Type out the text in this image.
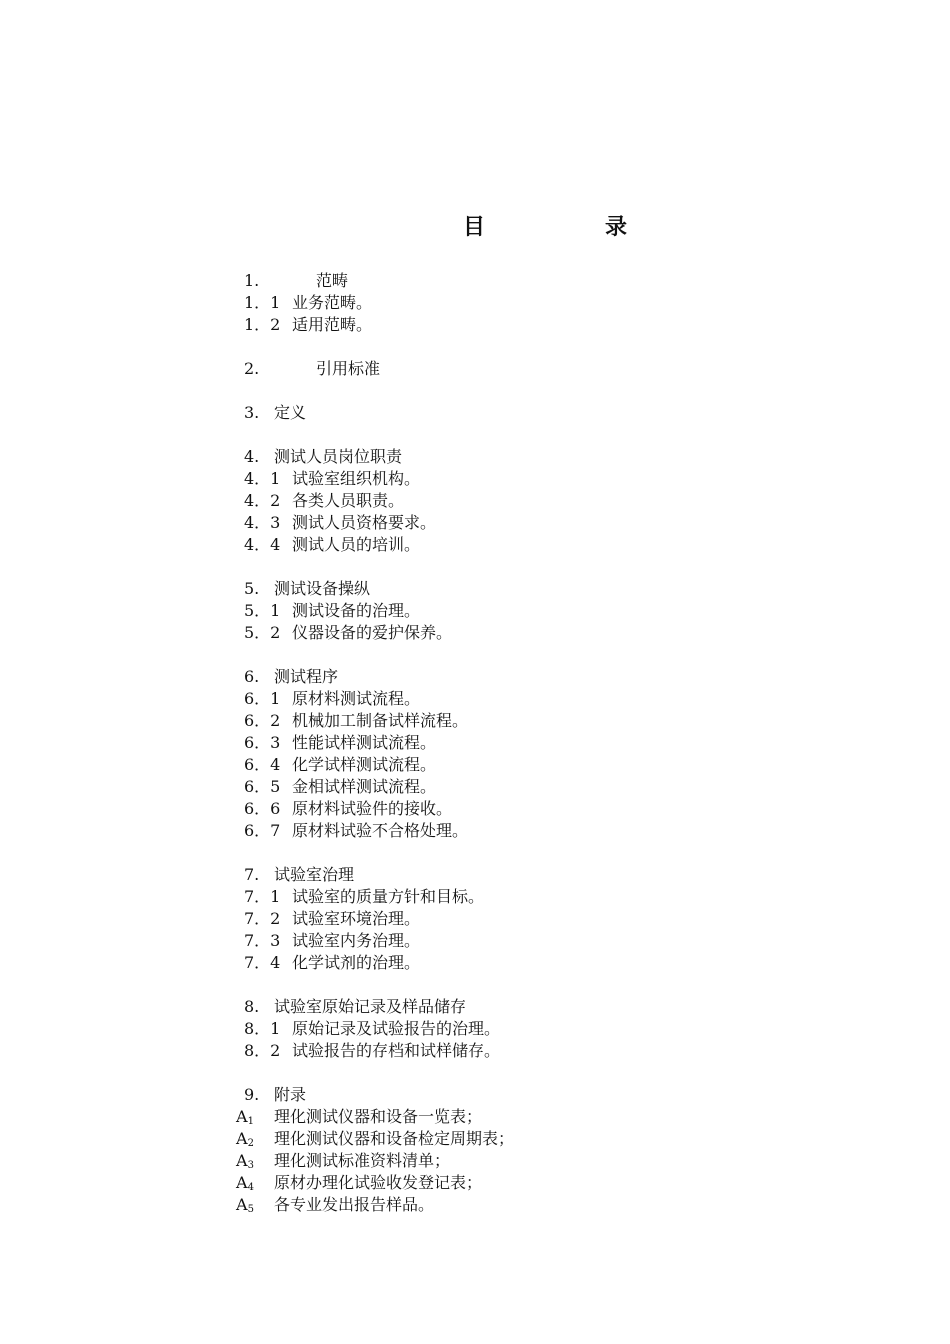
目	录
1.	范畴
1．1 业务范畴。
1．2 适用范畴。
2.	引用标准
3. 定义
4. 测试人员岗位职责
4．1 试验室组织机构。
4．2 各类人员职责。
4．3 测试人员资格要求。
4．4 测试人员的培训。
5. 测试设备操纵
5．1 测试设备的治理。
5．2 仪器设备的爱护保养。
6. 测试程序
6．1 原材料测试流程。
6．2 机械加工制备试样流程。
6．3 性能试样测试流程。
6．4 化学试样测试流程。
6．5 金相试样测试流程。
6．6 原材料试验件的接收。
6．7 原材料试验不合格处理。
7. 试验室治理
7．1 试验室的质量方针和目标。
7．2 试验室环境治理。
7．3 试验室内务治理。
7．4 化学试剂的治理。
8. 试验室原始记录及样品储存
8．1 原始记录及试验报告的治理。
8．2 试验报告的存档和试样储存。
9. 附录
A1 理化测试仪器和设备一览表；
A2 理化测试仪器和设备检定周期表；
A3 理化测试标准资料清单；
A4 原材办理化试验收发登记表；
A5 各专业发出报告样品。
